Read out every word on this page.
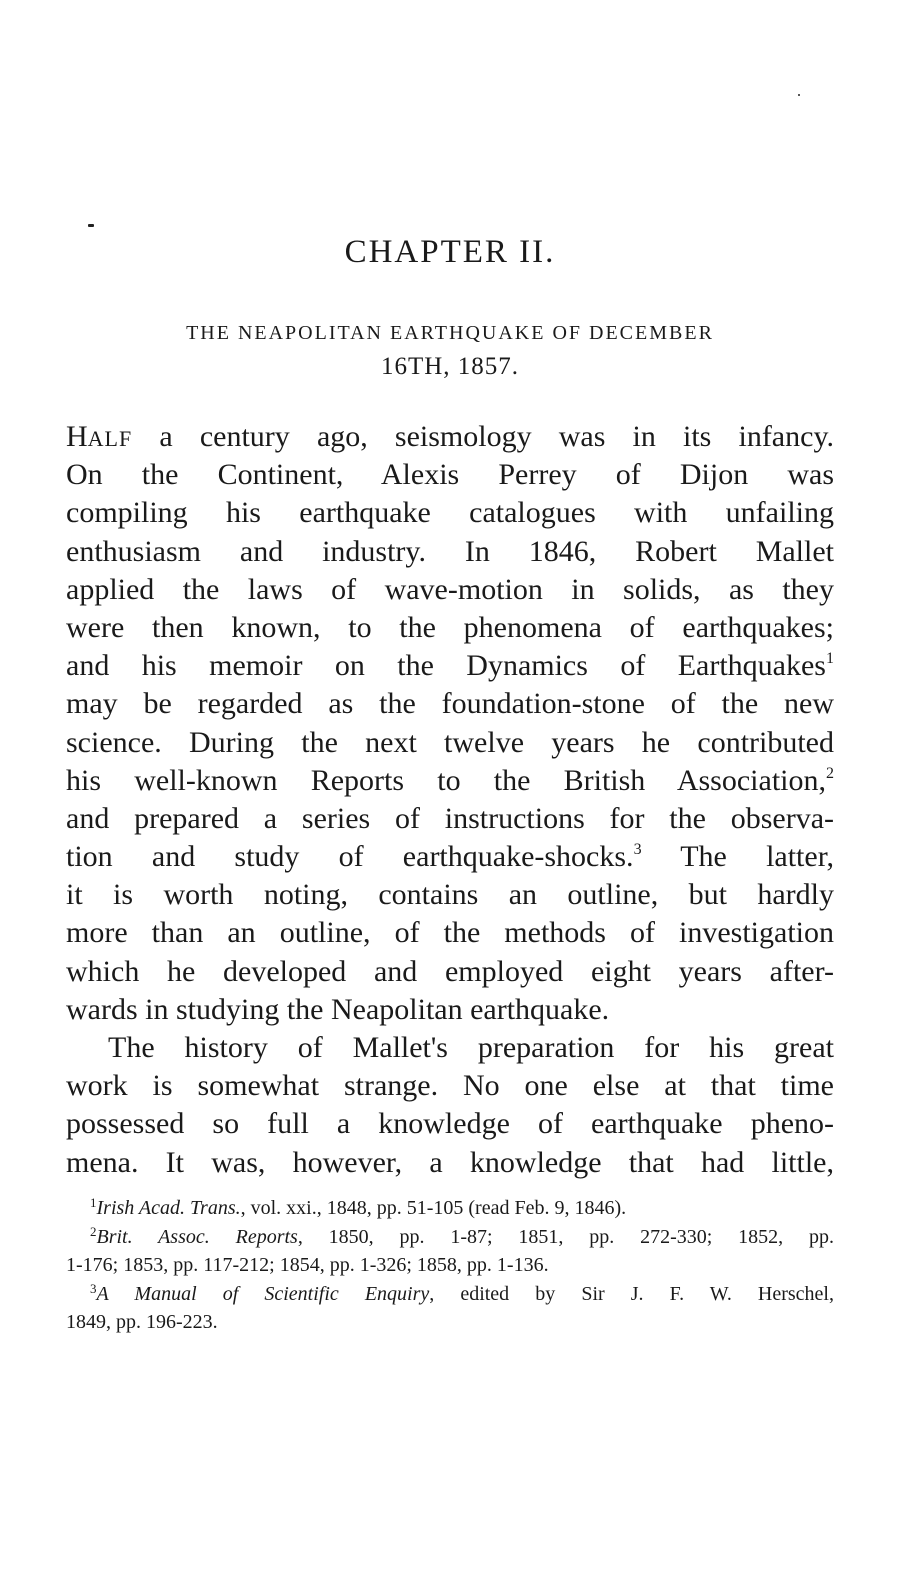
CHAPTER II.
THE NEAPOLITAN EARTHQUAKE OF DECEMBER
16TH, 1857.
HALF a century ago, seismology was in its infancy.
On the Continent, Alexis Perrey of Dijon was
compiling his earthquake catalogues with unfailing
enthusiasm and industry. In 1846, Robert Mallet
applied the laws of wave-motion in solids, as they
were then known, to the phenomena of earthquakes;
and his memoir on the Dynamics of Earthquakes$^1$
may be regarded as the foundation-stone of the new
science. During the next twelve years he contributed
his well-known Reports to the British Association,$^2$
and prepared a series of instructions for the observa-
tion and study of earthquake-shocks.$^3$ The latter,
it is worth noting, contains an outline, but hardly
more than an outline, of the methods of investigation
which he developed and employed eight years after-
wards in studying the Neapolitan earthquake.
The history of Mallet's preparation for his great
work is somewhat strange. No one else at that time
possessed so full a knowledge of earthquake pheno-
mena. It was, however, a knowledge that had little,
$^1$Irish Acad. Trans., vol. xxi., 1848, pp. 51-105 (read Feb. 9, 1846).
$^2$Brit. Assoc. Reports, 1850, pp. 1-87; 1851, pp. 272-330; 1852, pp.
1-176; 1853, pp. 117-212; 1854, pp. 1-326; 1858, pp. 1-136.
$^3$A Manual of Scientific Enquiry, edited by Sir J. F. W. Herschel,
1849, pp. 196-223.
